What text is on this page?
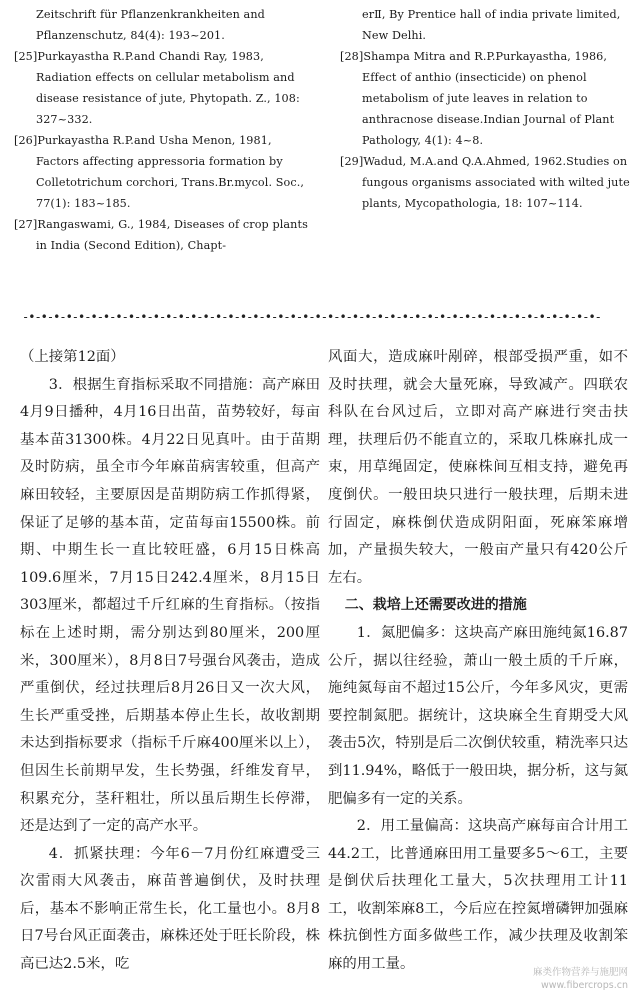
Zeitschrift für Pflanzenkrankheiten and Pflanzenschutz, 84(4): 193~201.

[25]Purkayastha R.P.and Chandi Ray, 1983, Radiation effects on cellular metabolism and disease resistance of jute, Phytopath. Z., 108: 327~332.

[26]Purkayastha R.P.and Usha Menon, 1981, Factors affecting appressoria formation by Colletotrichum corchori, Trans.Br.mycol. Soc., 77(1): 183~185.

[27]Rangaswami, G., 1984, Diseases of crop plants in India (Second Edition), Chapt-

erⅡ, By Prentice hall of india private limited, New Delhi.

[28]Shampa Mitra and R.P.Purkayastha, 1986, Effect of anthio (insecticide) on phenol metabolism of jute leaves in relation to anthracnose disease.Indian Journal of Plant Pathology, 4(1): 4~8.

[29]Wadud, M.A.and Q.A.Ahmed, 1962.Studies on fungous organisms associated with wilted jute plants, Mycopathologia, 18: 107~114.

-•-•-•-•-•-•-•-•-•-•-•-•-•-•-•-•-•-•-•-•-•-•-•-•-•-•-•-•-•-•-•-•-•-•-•-•-•-•-•-•-•-•-•-•-•-•-

（上接第12面）

3．根据生育指标采取不同措施：高产麻田4月9日播种，4月16日出苗，苗势较好，每亩基本苗31300株。4月22日见真叶。由于苗期及时防病，虽全市今年麻苗病害较重，但高产麻田较轻，主要原因是苗期防病工作抓得紧，保证了足够的基本苗，定苗每亩15500株。前期、中期生长一直比较旺盛，6月15日株高109.6厘米，7月15日242.4厘米，8月15日303厘米，都超过千斤红麻的生育指标。（按指标在上述时期，需分别达到80厘米，200厘米，300厘米），8月8日7号强台风袭击，造成严重倒伏，经过扶理后8月26日又一次大风，生长严重受挫，后期基本停止生长，故收割期未达到指标要求（指标千斤麻400厘米以上），但因生长前期早发，生长势强，纤维发育早，积累充分，茎秆粗壮，所以虽后期生长停滞，还是达到了一定的高产水平。

4．抓紧扶理：今年6－7月份红麻遭受三次雷雨大风袭击，麻苗普遍倒伏，及时扶理后，基本不影响正常生长，化工量也小。8月8日7号台风正面袭击，麻株还处于旺长阶段，株高已达2.5米，吃

风面大，造成麻叶剐碎，根部受损严重，如不及时扶理，就会大量死麻，导致减产。四联农科队在台风过后，立即对高产麻进行突击扶理，扶理后仍不能直立的，采取几株麻扎成一束，用草绳固定，使麻株间互相支持，避免再度倒伏。一般田块只进行一般扶理，后期未进行固定，麻株倒伏造成阴阳面，死麻笨麻增加，产量损失较大，一般亩产量只有420公斤左右。

二、栽培上还需要改进的措施

1．氮肥偏多：这块高产麻田施纯氮16.87公斤，据以往经验，萧山一般土质的千斤麻，施纯氮每亩不超过15公斤，今年多风灾，更需要控制氮肥。据统计，这块麻全生育期受大风袭击5次，特别是后二次倒伏较重，精洗率只达到11.94%，略低于一般田块，据分析，这与氮肥偏多有一定的关系。

2．用工量偏高：这块高产麻每亩合计用工44.2工，比普通麻田用工量要多5～6工，主要是倒伏后扶理化工量大，5次扶理用工计11工，收割笨麻8工，今后应在控氮增磷钾加强麻株抗倒性方面多做些工作，减少扶理及收割笨麻的用工量。

麻类作物营养与施肥网
www.fibercrops.cn
